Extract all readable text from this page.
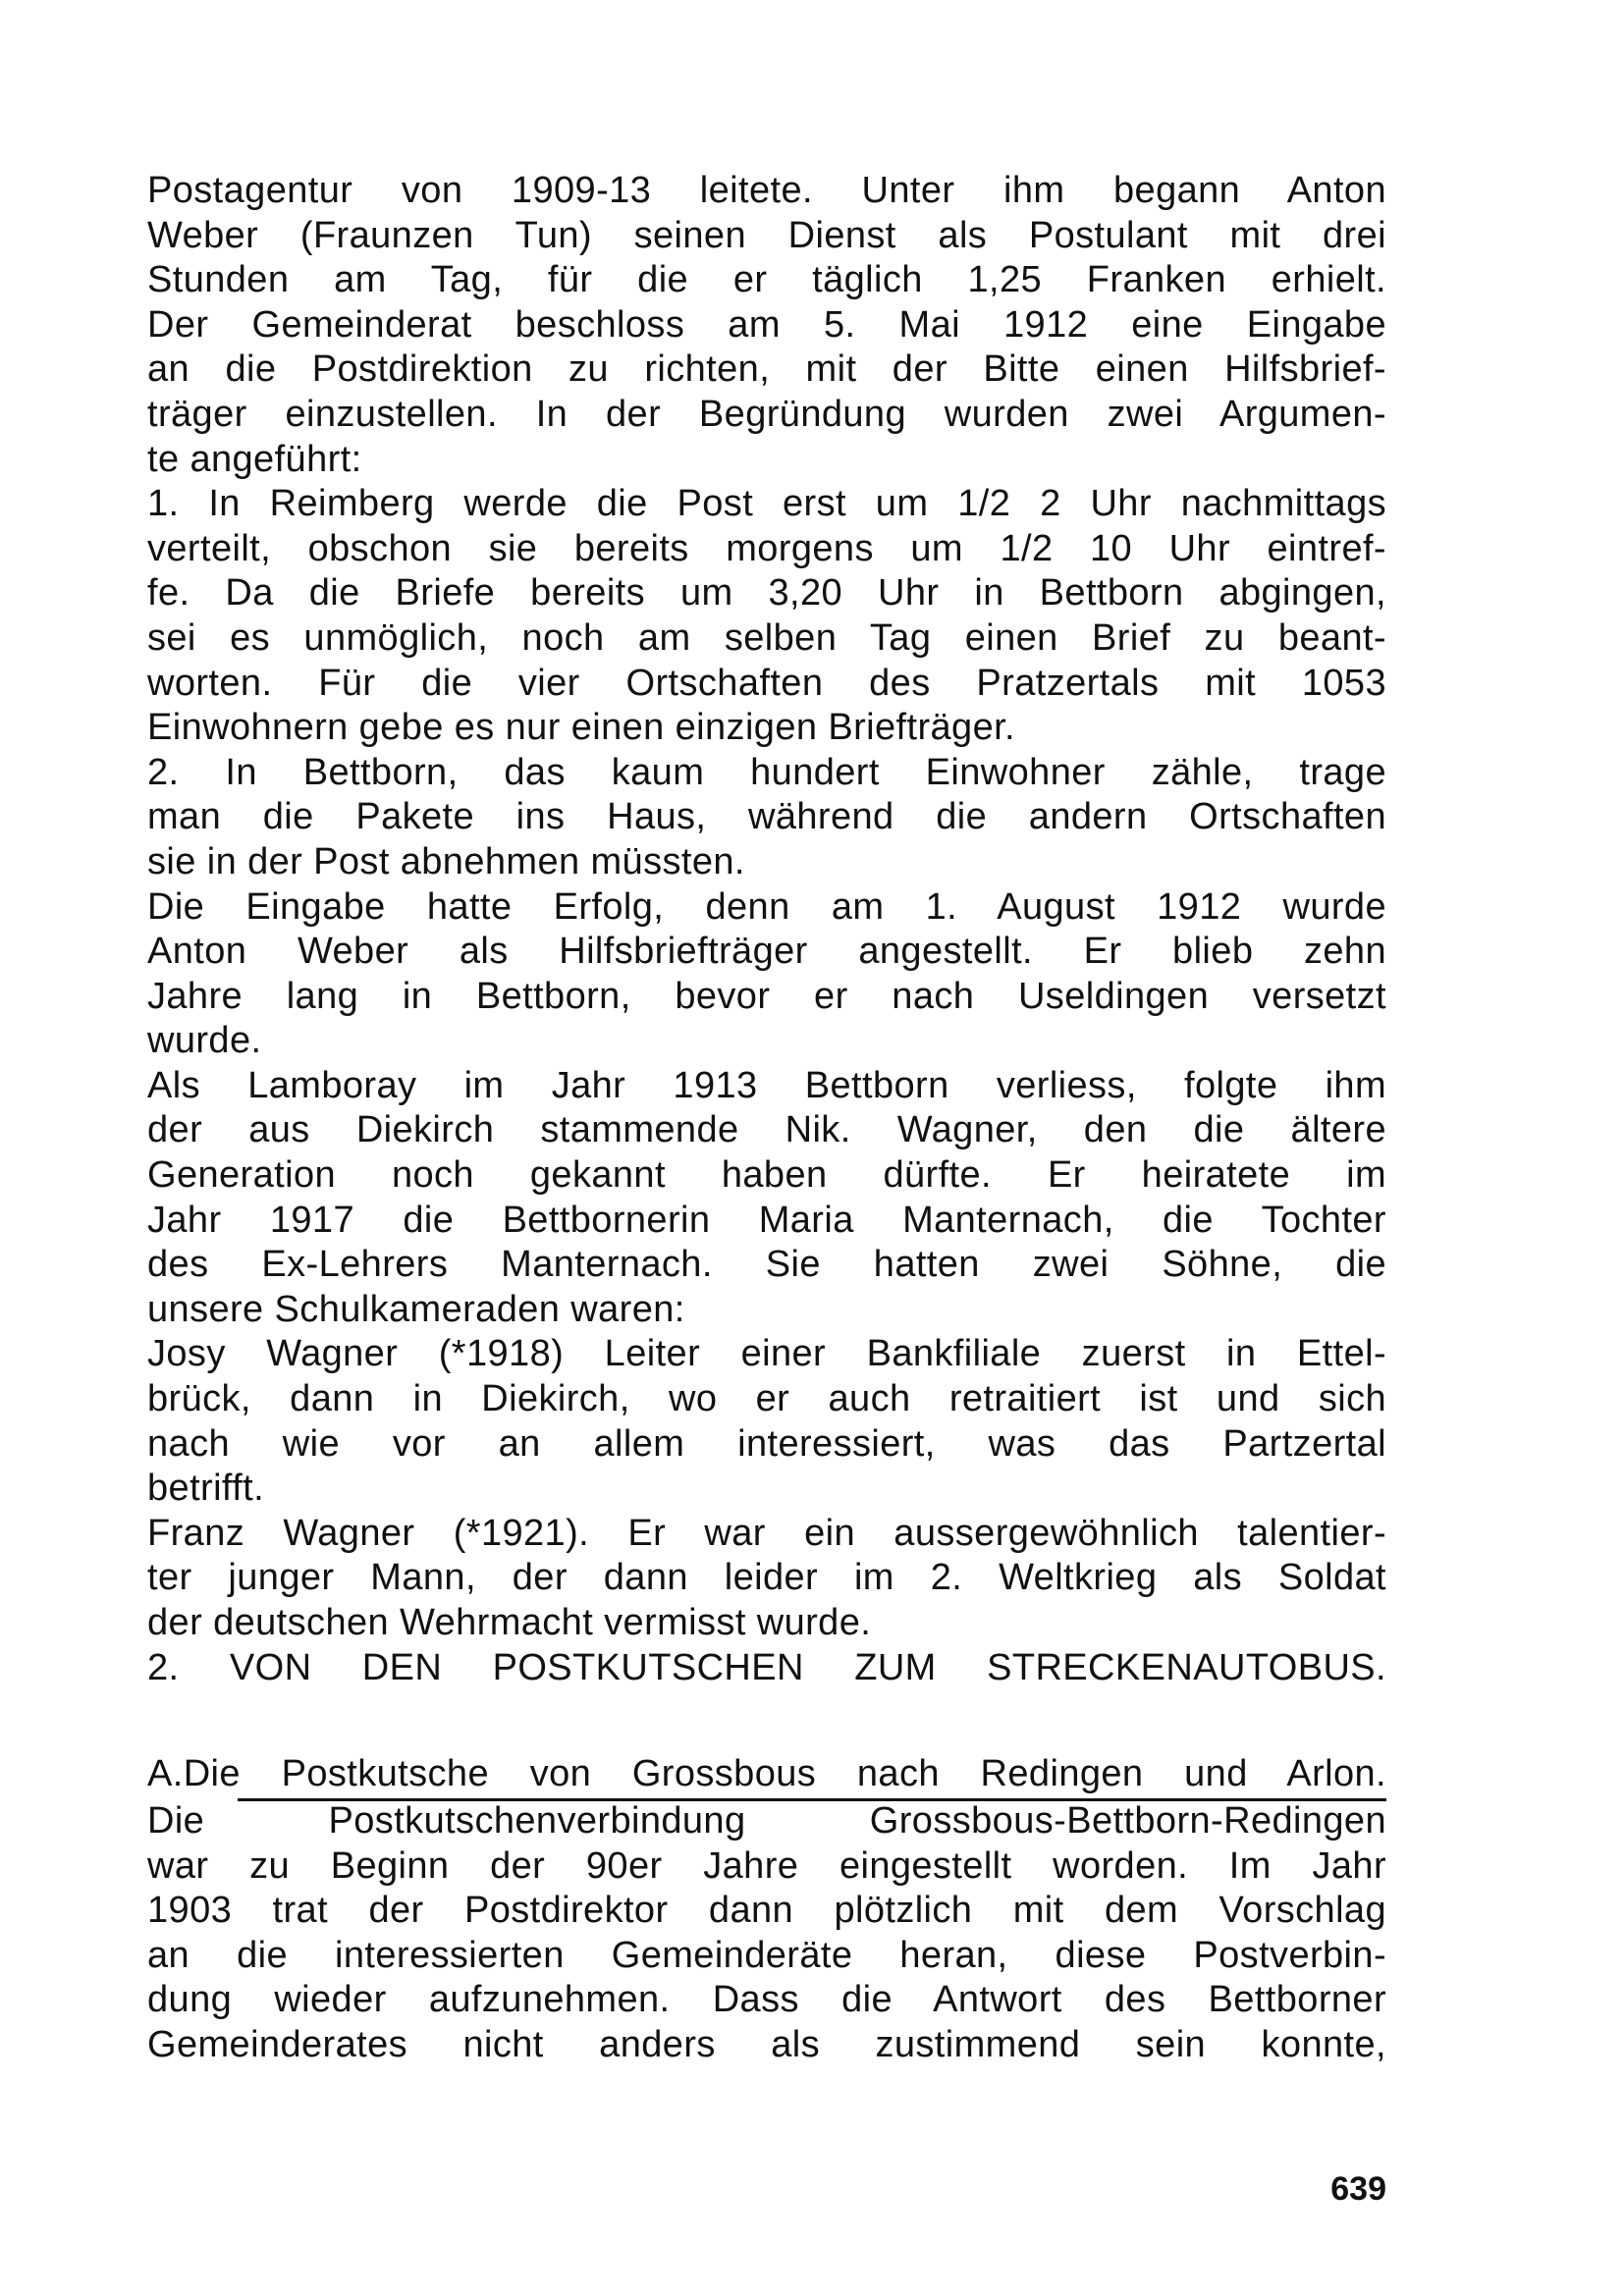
Postagentur von 1909-13 leitete. Unter ihm begann Anton
Weber (Fraunzen Tun) seinen Dienst als Postulant mit drei
Stunden am Tag, für die er täglich 1,25 Franken erhielt.
Der Gemeinderat beschloss am 5. Mai 1912 eine Eingabe
an die Postdirektion zu richten, mit der Bitte einen Hilfsbrief-
träger einzustellen. In der Begründung wurden zwei Argumen-
te angeführt:
1. In Reimberg werde die Post erst um 1/2 2 Uhr nachmittags
verteilt, obschon sie bereits morgens um 1/2 10 Uhr eintref-
fe. Da die Briefe bereits um 3,20 Uhr in Bettborn abgingen,
sei es unmöglich, noch am selben Tag einen Brief zu beant-
worten. Für die vier Ortschaften des Pratzertals mit 1053
Einwohnern gebe es nur einen einzigen Briefträger.
2. In Bettborn, das kaum hundert Einwohner zähle, trage
man die Pakete ins Haus, während die andern Ortschaften
sie in der Post abnehmen müssten.
Die Eingabe hatte Erfolg, denn am 1. August 1912 wurde
Anton Weber als Hilfsbriefträger angestellt. Er blieb zehn
Jahre lang in Bettborn, bevor er nach Useldingen versetzt
wurde.
Als Lamboray im Jahr 1913 Bettborn verliess, folgte ihm
der aus Diekirch stammende Nik. Wagner, den die ältere
Generation noch gekannt haben dürfte. Er heiratete im
Jahr 1917 die Bettbornerin Maria Manternach, die Tochter
des Ex-Lehrers Manternach. Sie hatten zwei Söhne, die
unsere Schulkameraden waren:
Josy Wagner (*1918) Leiter einer Bankfiliale zuerst in Ettel-
brück, dann in Diekirch, wo er auch retraitiert ist und sich
nach wie vor an allem interessiert, was das Partzertal
betrifft.
Franz Wagner (*1921). Er war ein aussergewöhnlich talentier-
ter junger Mann, der dann leider im 2. Weltkrieg als Soldat
der deutschen Wehrmacht vermisst wurde.
2. VON DEN POSTKUTSCHEN ZUM STRECKENAUTOBUS.
A.Die Postkutsche von Grossbous nach Redingen und Arlon.
Die Postkutschenverbindung Grossbous-Bettborn-Redingen
war zu Beginn der 90er Jahre eingestellt worden. Im Jahr
1903 trat der Postdirektor dann plötzlich mit dem Vorschlag
an die interessierten Gemeinderäte heran, diese Postverbin-
dung wieder aufzunehmen. Dass die Antwort des Bettborner
Gemeinderates nicht anders als zustimmend sein konnte,
639
